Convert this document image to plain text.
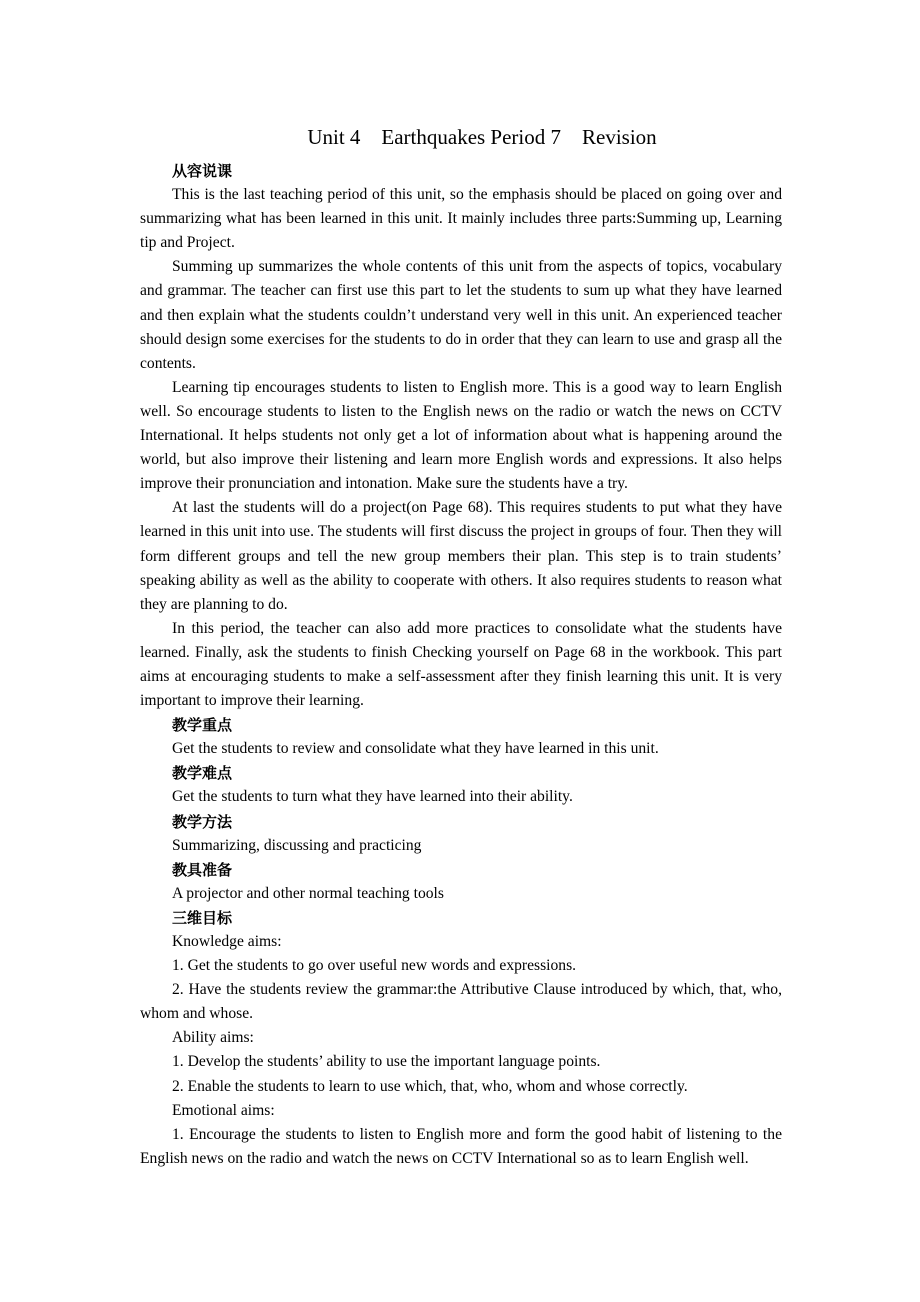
Unit 4    Earthquakes Period 7    Revision

从容说课

This is the last teaching period of this unit, so the emphasis should be placed on going over and summarizing what has been learned in this unit. It mainly includes three parts:Summing up, Learning tip and Project.

Summing up summarizes the whole contents of this unit from the aspects of topics, vocabulary and grammar. The teacher can first use this part to let the students to sum up what they have learned and then explain what the students couldn’t understand very well in this unit. An experienced teacher should design some exercises for the students to do in order that they can learn to use and grasp all the contents.

Learning tip encourages students to listen to English more. This is a good way to learn English well. So encourage students to listen to the English news on the radio or watch the news on CCTV International. It helps students not only get a lot of information about what is happening around the world, but also improve their listening and learn more English words and expressions. It also helps improve their pronunciation and intonation. Make sure the students have a try.

At last the students will do a project(on Page 68). This requires students to put what they have learned in this unit into use. The students will first discuss the project in groups of four. Then they will form different groups and tell the new group members their plan. This step is to train students’ speaking ability as well as the ability to cooperate with others. It also requires students to reason what they are planning to do.

In this period, the teacher can also add more practices to consolidate what the students have learned. Finally, ask the students to finish Checking yourself on Page 68 in the workbook. This part aims at encouraging students to make a self-assessment after they finish learning this unit. It is very important to improve their learning.

教学重点

Get the students to review and consolidate what they have learned in this unit.

教学难点

Get the students to turn what they have learned into their ability.

教学方法

Summarizing, discussing and practicing

教具准备

A projector and other normal teaching tools

三维目标

Knowledge aims:

1. Get the students to go over useful new words and expressions.

2. Have the students review the grammar:the Attributive Clause introduced by which, that, who, whom and whose.

Ability aims:

1. Develop the students’ ability to use the important language points.

2. Enable the students to learn to use which, that, who, whom and whose correctly.

Emotional aims:

1. Encourage the students to listen to English more and form the good habit of listening to the English news on the radio and watch the news on CCTV International so as to learn English well.
